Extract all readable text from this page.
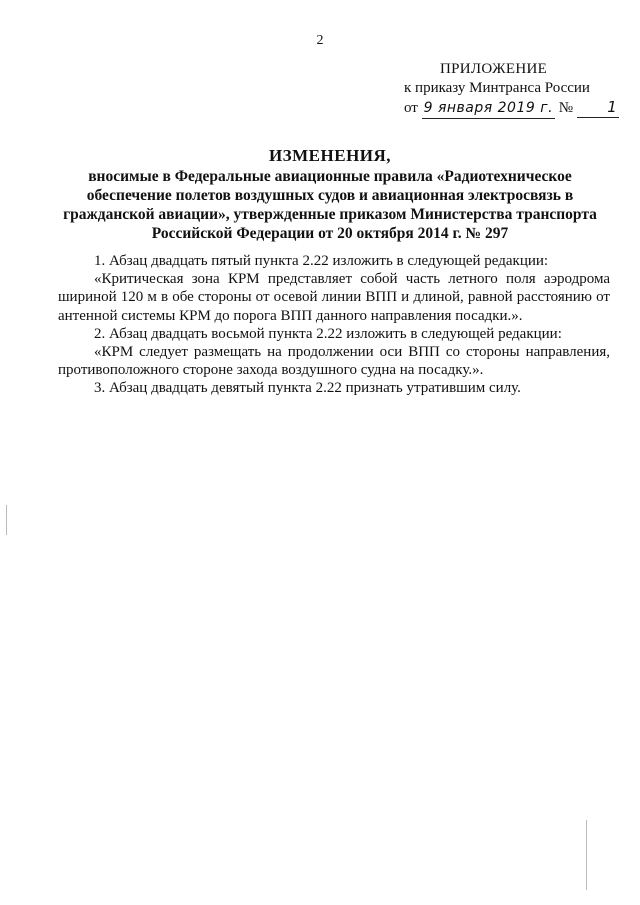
2
ПРИЛОЖЕНИЕ
к приказу Минтранса России
от 9 января 2019 г. № 1
ИЗМЕНЕНИЯ,
вносимые в Федеральные авиационные правила «Радиотехническое обеспечение полетов воздушных судов и авиационная электросвязь в гражданской авиации», утвержденные приказом Министерства транспорта Российской Федерации от 20 октября 2014 г. № 297

1. Абзац двадцать пятый пункта 2.22 изложить в следующей редакции:

«Критическая зона КРМ представляет собой часть летного поля аэродрома шириной 120 м в обе стороны от осевой линии ВПП и длиной, равной расстоянию от антенной системы КРМ до порога ВПП данного направления посадки.».

2. Абзац двадцать восьмой пункта 2.22 изложить в следующей редакции:

«КРМ следует размещать на продолжении оси ВПП со стороны направления, противоположного стороне захода воздушного судна на посадку.».

3. Абзац двадцать девятый пункта 2.22 признать утратившим силу.
